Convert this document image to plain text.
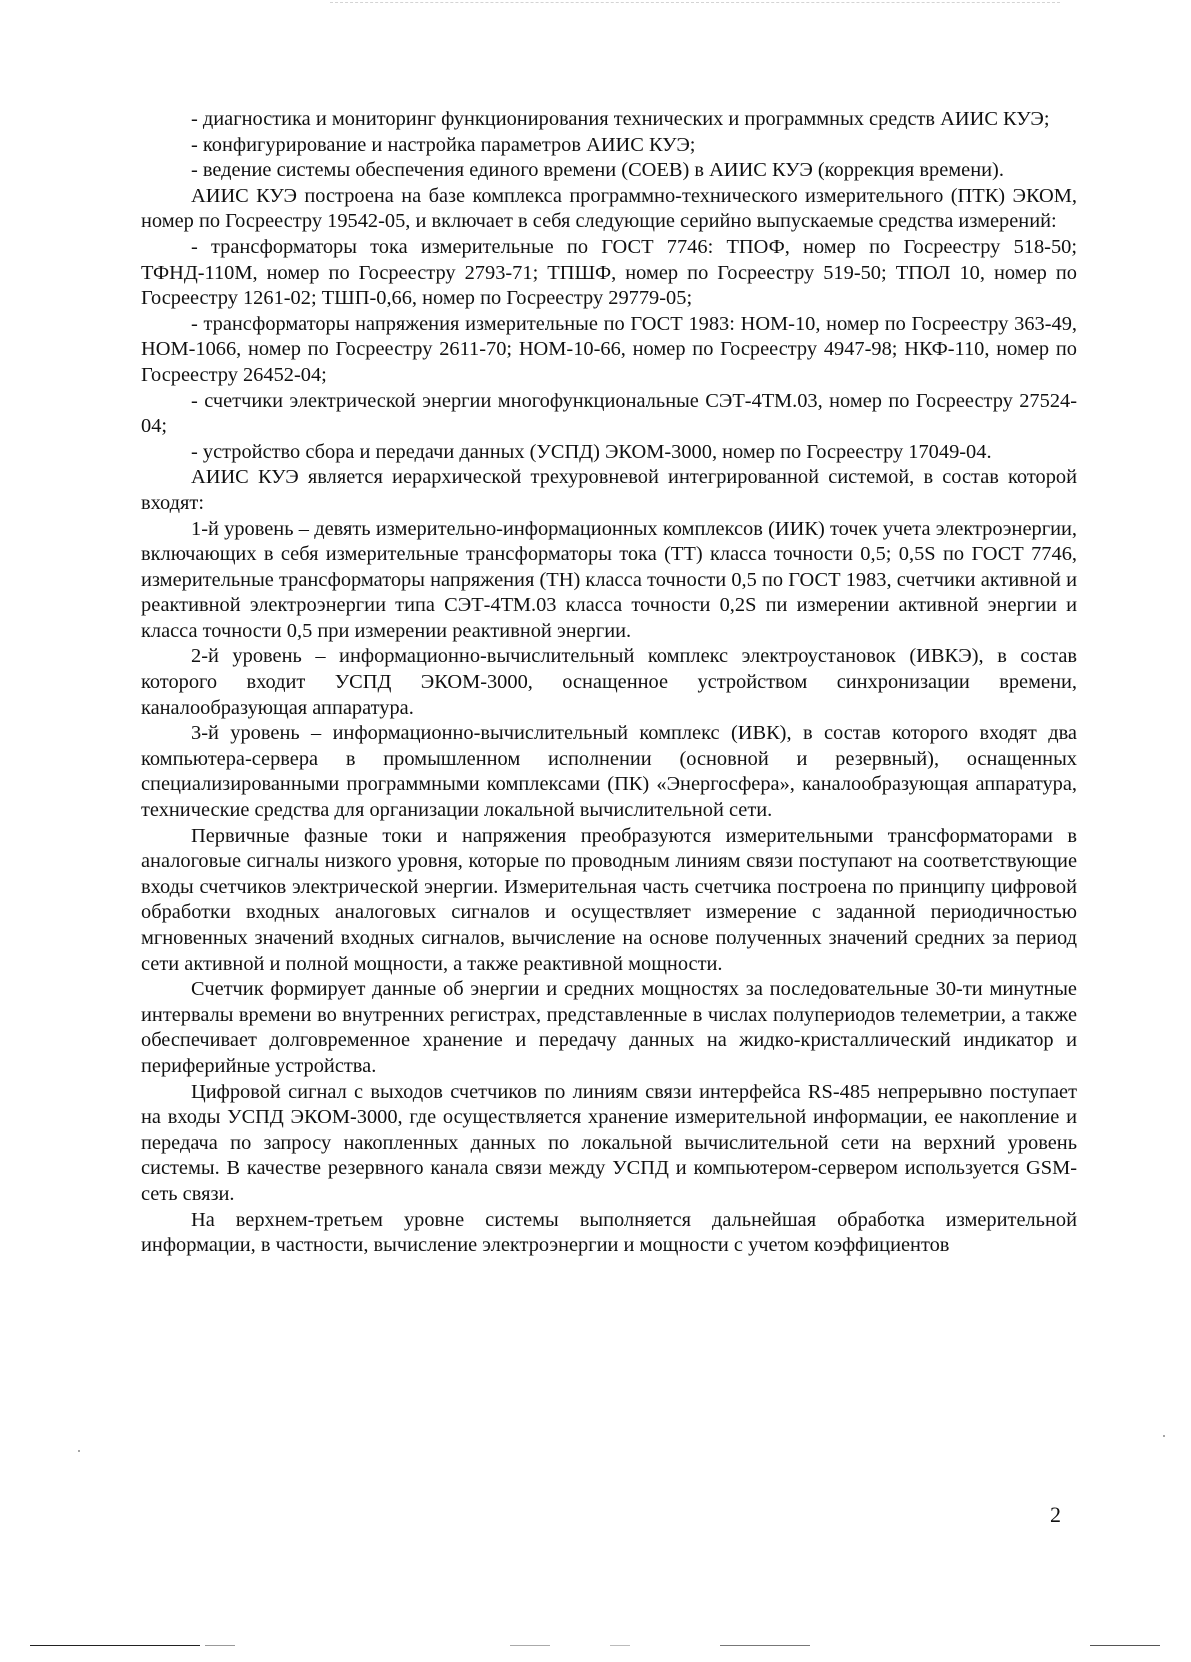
- диагностика и мониторинг функционирования технических и программных средств АИИС КУЭ;

- конфигурирование и настройка параметров АИИС КУЭ;

- ведение системы обеспечения единого времени (СОЕВ) в АИИС КУЭ (коррекция времени).

АИИС КУЭ построена на базе комплекса программно-технического измерительного (ПТК) ЭКОМ, номер по Госреестру 19542-05, и включает в себя следующие серийно выпускаемые средства измерений:

- трансформаторы тока измерительные по ГОСТ 7746: ТПОФ, номер по Госреестру 518-50; ТФНД-110М, номер по Госреестру 2793-71; ТПШФ, номер по Госреестру 519-50; ТПОЛ 10, номер по Госреестру 1261-02; ТШП-0,66, номер по Госреестру 29779-05;

- трансформаторы напряжения измерительные по ГОСТ 1983: НОМ-10, номер по Госреестру 363-49, НОМ-1066, номер по Госреестру 2611-70; НОМ-10-66, номер по Госреестру 4947-98; НКФ-110, номер по Госреестру 26452-04;

- счетчики электрической энергии многофункциональные СЭТ-4ТМ.03, номер по Госреестру 27524-04;

- устройство сбора и передачи данных (УСПД) ЭКОМ-3000, номер по Госреестру 17049-04.

АИИС КУЭ является иерархической трехуровневой интегрированной системой, в состав которой входят:

1-й уровень – девять измерительно-информационных комплексов (ИИК) точек учета электроэнергии, включающих в себя измерительные трансформаторы тока (ТТ) класса точности 0,5; 0,5S по ГОСТ 7746, измерительные трансформаторы напряжения (ТН) класса точности 0,5 по ГОСТ 1983, счетчики активной и реактивной электроэнергии типа СЭТ-4ТМ.03 класса точности 0,2S пи измерении активной энергии и класса точности 0,5 при измерении реактивной энергии.

2-й уровень – информационно-вычислительный комплекс электроустановок (ИВКЭ), в состав которого входит УСПД ЭКОМ-3000, оснащенное устройством синхронизации времени, каналообразующая аппаратура.

3-й уровень – информационно-вычислительный комплекс (ИВК), в состав которого входят два компьютера-сервера в промышленном исполнении (основной и резервный), оснащенных специализированными программными комплексами (ПК) «Энергосфера», каналообразующая аппаратура, технические средства для организации локальной вычислительной сети.

Первичные фазные токи и напряжения преобразуются измерительными трансформаторами в аналоговые сигналы низкого уровня, которые по проводным линиям связи поступают на соответствующие входы счетчиков электрической энергии. Измерительная часть счетчика построена по принципу цифровой обработки входных аналоговых сигналов и осуществляет измерение с заданной периодичностью мгновенных значений входных сигналов, вычисление на основе полученных значений средних за период сети активной и полной мощности, а также реактивной мощности.

Счетчик формирует данные об энергии и средних мощностях за последовательные 30-ти минутные интервалы времени во внутренних регистрах, представленные в числах полупериодов телеметрии, а также обеспечивает долговременное хранение и передачу данных на жидко-кристаллический индикатор и периферийные устройства.

Цифровой сигнал с выходов счетчиков по линиям связи интерфейса RS-485 непрерывно поступает на входы УСПД ЭКОМ-3000, где осуществляется хранение измерительной информации, ее накопление и передача по запросу накопленных данных по локальной вычислительной сети на верхний уровень системы. В качестве резервного канала связи между УСПД и компьютером-сервером используется GSM-сеть связи.

На верхнем-третьем уровне системы выполняется дальнейшая обработка измерительной информации, в частности, вычисление электроэнергии и мощности с учетом коэффициентов

2
